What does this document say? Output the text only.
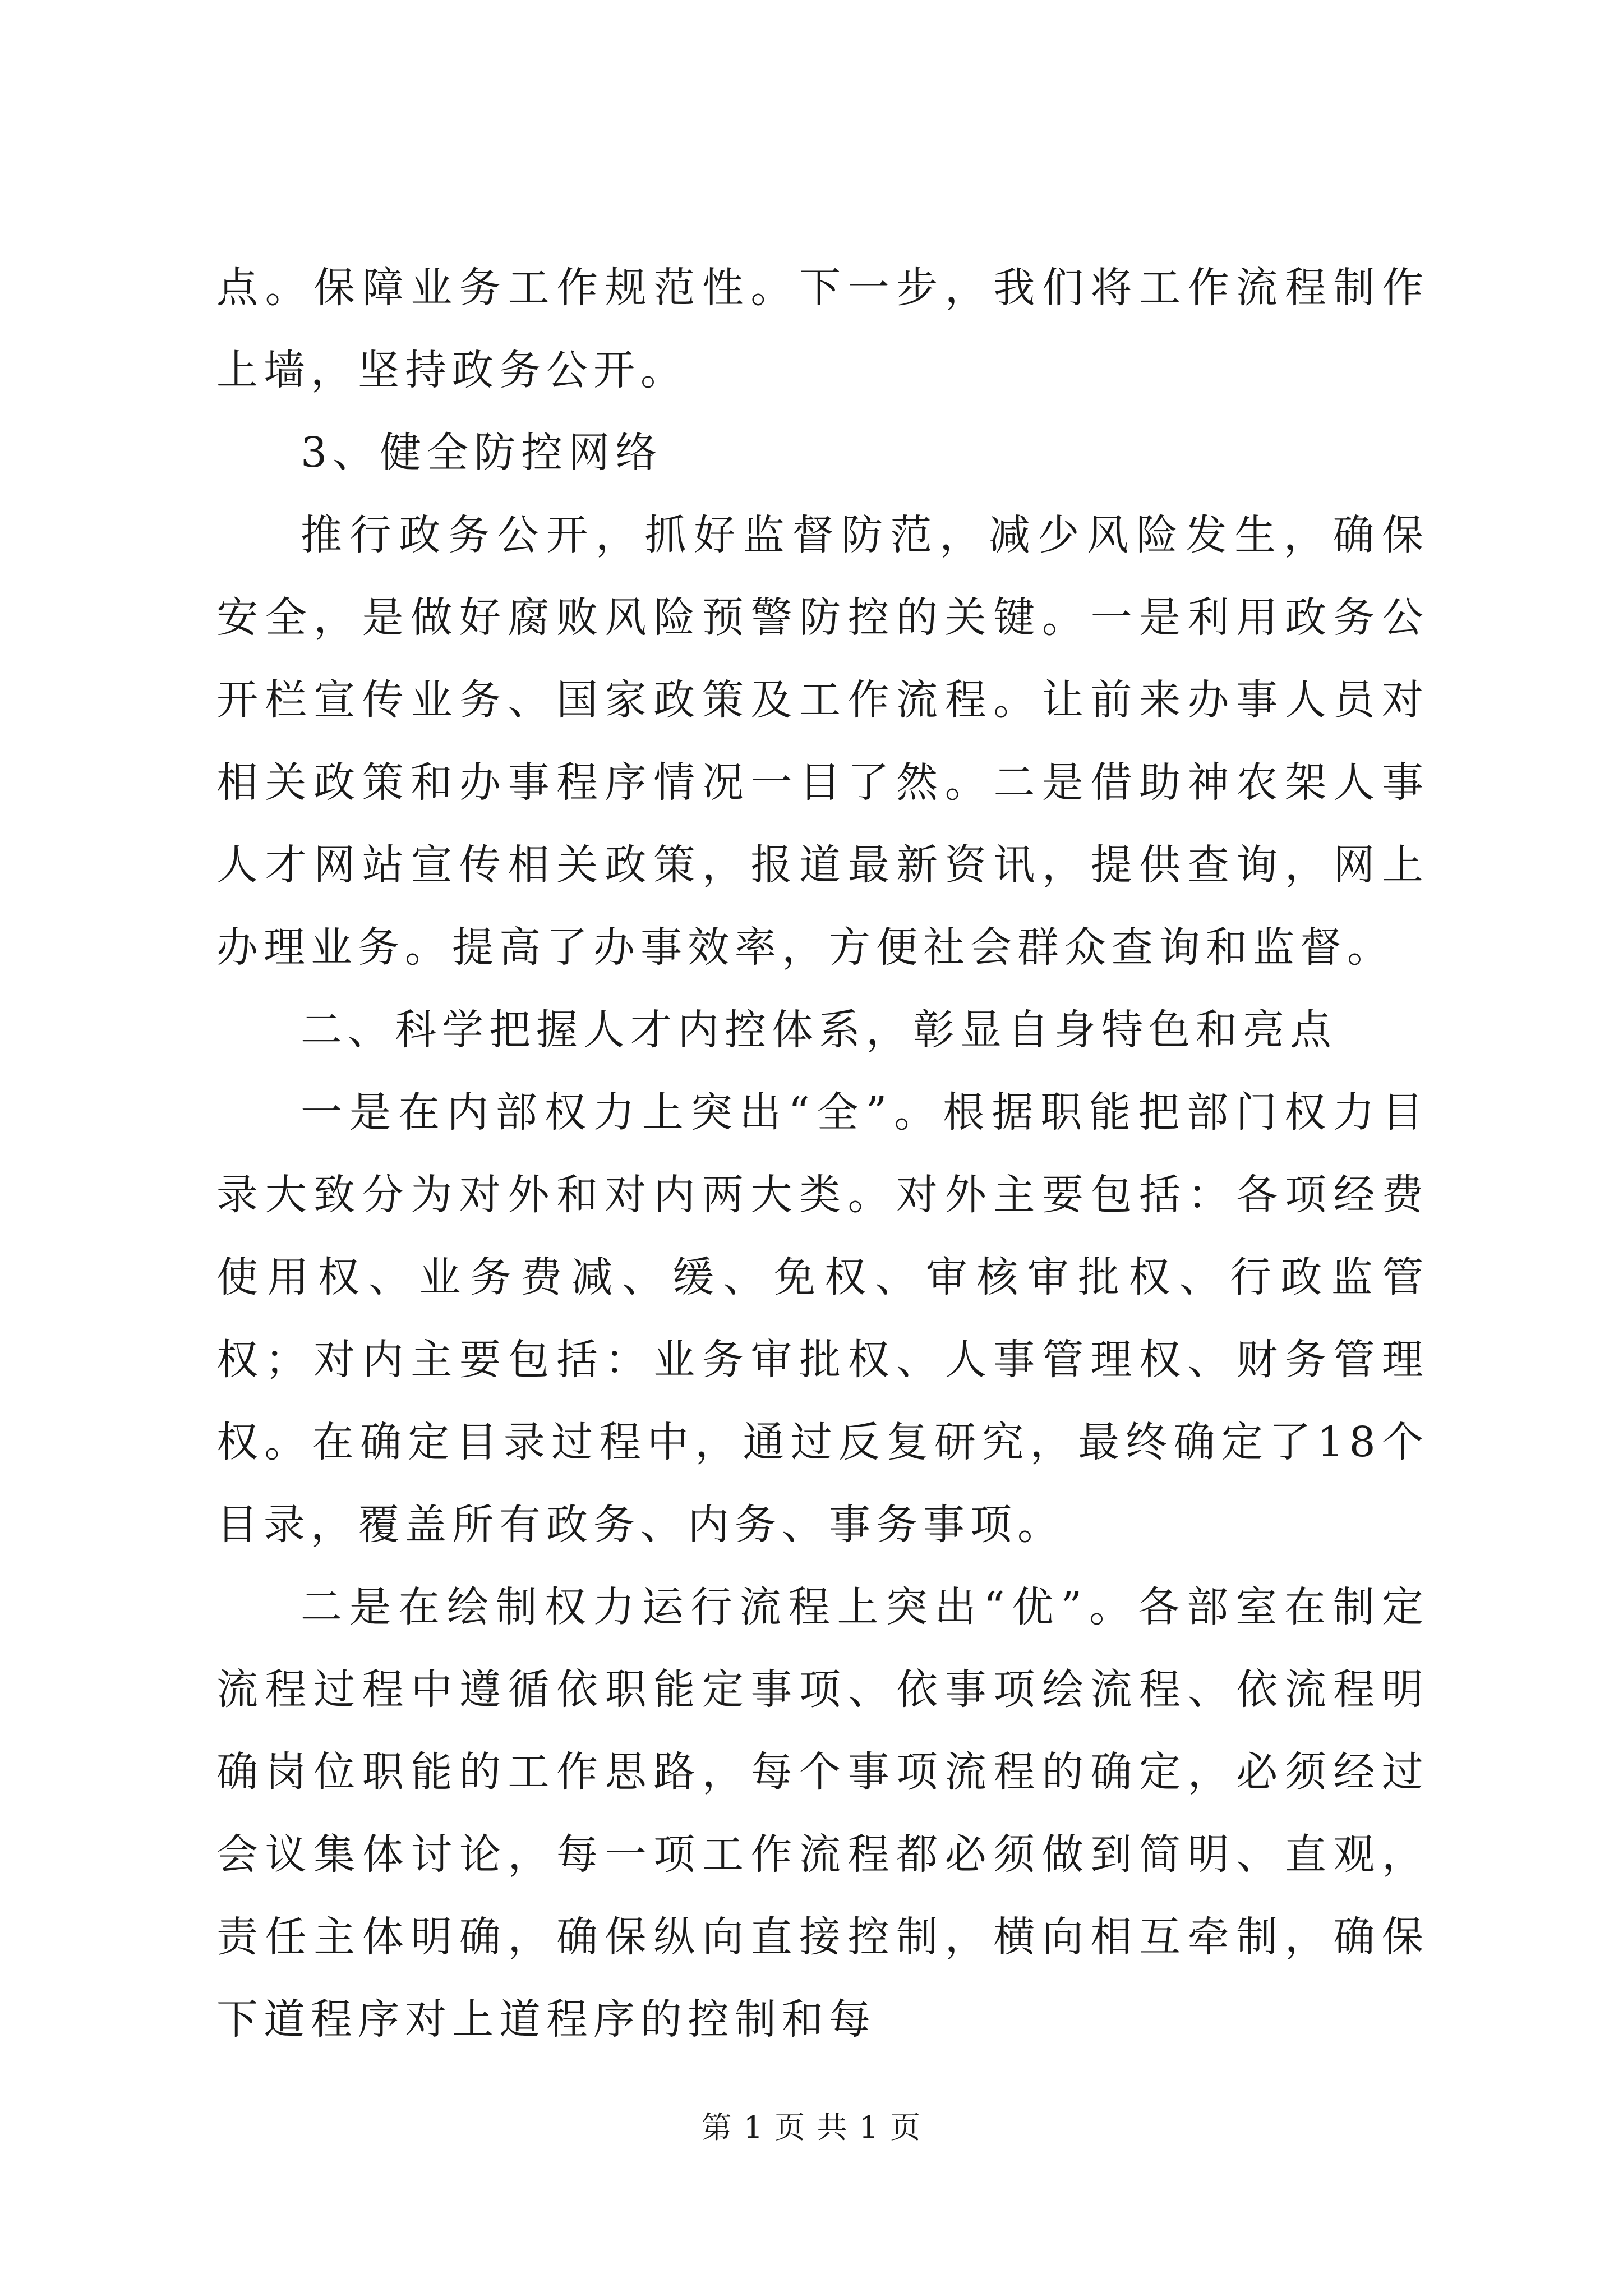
点。保障业务工作规范性。下一步，我们将工作流程制作上墙，坚持政务公开。

3、健全防控网络

推行政务公开，抓好监督防范，减少风险发生，确保安全，是做好腐败风险预警防控的关键。一是利用政务公开栏宣传业务、国家政策及工作流程。让前来办事人员对相关政策和办事程序情况一目了然。二是借助神农架人事人才网站宣传相关政策，报道最新资讯，提供查询，网上办理业务。提高了办事效率，方便社会群众查询和监督。

二、科学把握人才内控体系，彰显自身特色和亮点

一是在内部权力上突出“全”。根据职能把部门权力目录大致分为对外和对内两大类。对外主要包括：各项经费使用权、业务费减、缓、免权、审核审批权、行政监管权；对内主要包括：业务审批权、人事管理权、财务管理权。在确定目录过程中，通过反复研究，最终确定了18个目录，覆盖所有政务、内务、事务事项。

二是在绘制权力运行流程上突出“优”。各部室在制定流程过程中遵循依职能定事项、依事项绘流程、依流程明确岗位职能的工作思路，每个事项流程的确定，必须经过会议集体讨论，每一项工作流程都必须做到简明、直观，责任主体明确，确保纵向直接控制，横向相互牵制，确保下道程序对上道程序的控制和每

第 1 页 共 1 页
